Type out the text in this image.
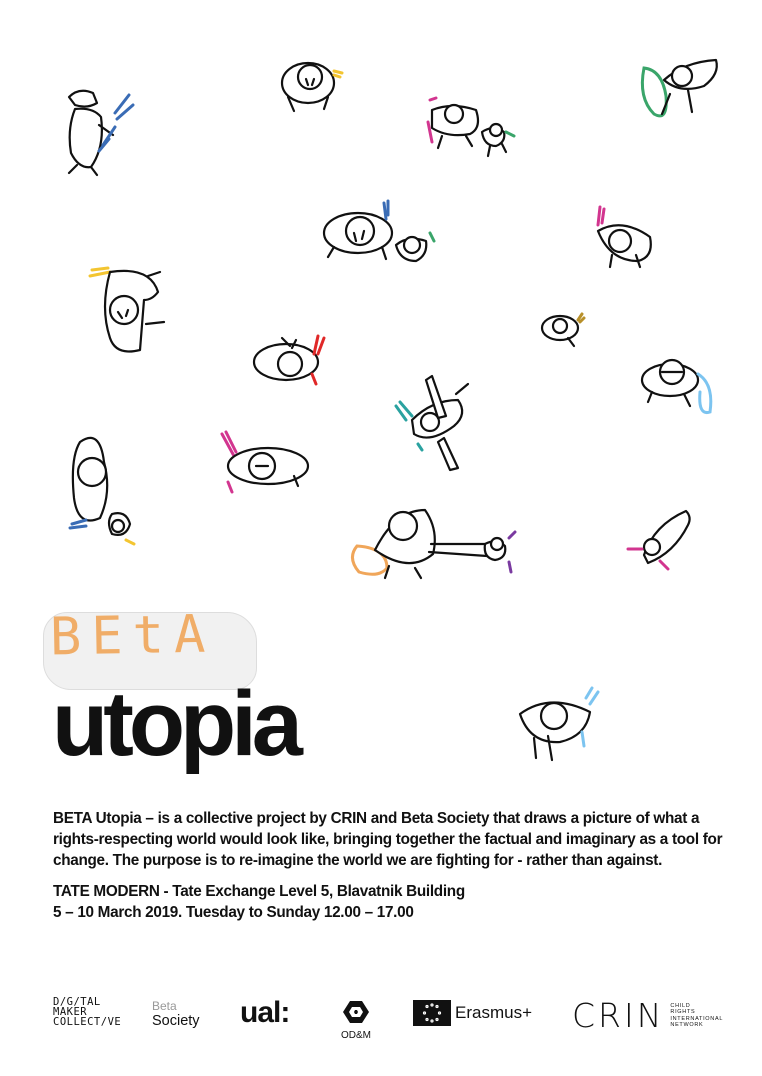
BEtA
utopia

BETA Utopia – is a collective project by CRIN and Beta Society that draws a picture of what a rights-respecting world would look like, bringing together the factual and imaginary as a tool for change. The purpose is to re-imagine the world we are fighting for - rather than against.

TATE MODERN - Tate Exchange Level 5, Blavatnik Building
5 – 10 March 2019. Tuesday to Sunday 12.00 – 17.00
D/G/TAL
MAKER
COLLECT/VE
Beta
Society ual:
OD&M
Erasmus+ CRIN CHILD
RIGHTS
INTERNATIONAL
NETWORK
